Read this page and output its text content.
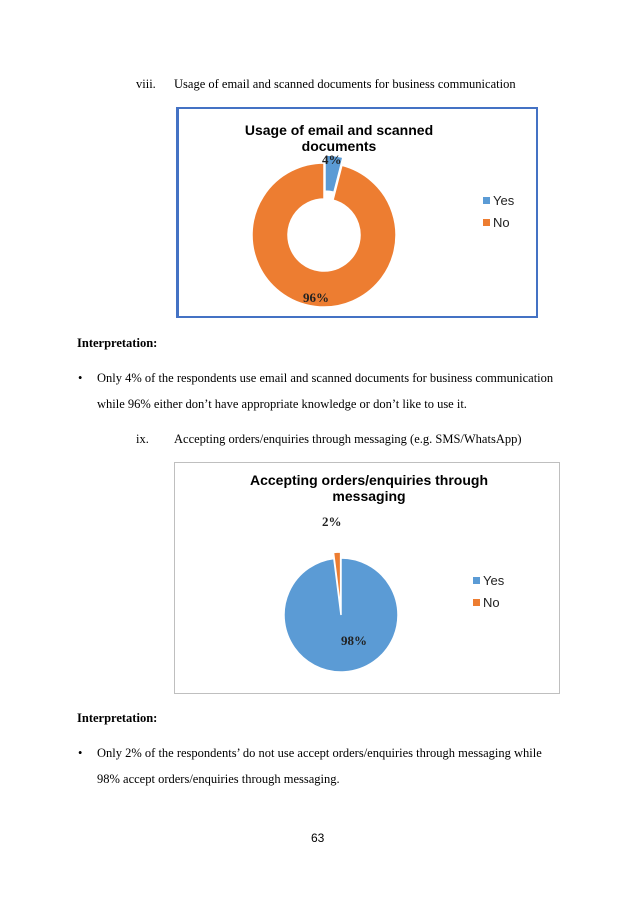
viii. Usage of email and scanned documents for business communication
Usage of email and scanned documents
4%
96%
Yes
No
Interpretation:
• Only 4% of the respondents use email and scanned documents for business communication
while 96% either don’t have appropriate knowledge or don’t like to use it.
ix. Accepting orders/enquiries through messaging (e.g. SMS/WhatsApp)
Accepting orders/enquiries through messaging
2%
98%
Yes
No
Interpretation:
• Only 2% of the respondents’ do not use accept orders/enquiries through messaging while
98% accept orders/enquiries through messaging.
63
